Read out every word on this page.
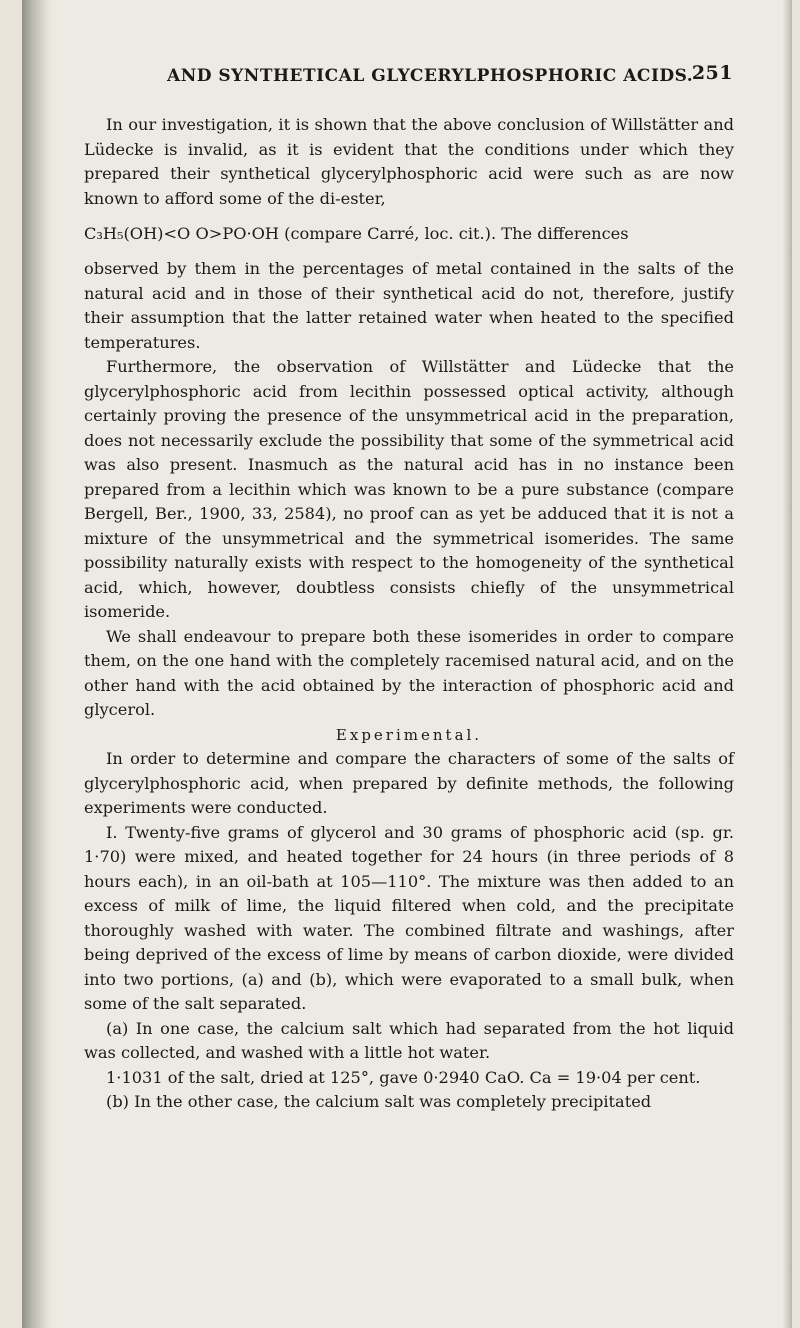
AND SYNTHETICAL GLYCERYLPHOSPHORIC ACIDS.
251

In our investigation, it is shown that the above conclusion of Willstätter and Lüdecke is invalid, as it is evident that the conditions under which they prepared their synthetical glycerylphosphoric acid were such as are now known to afford some of the di-ester,

C₃H₅(OH)<O O>PO·OH (compare Carré, loc. cit.). The differences

observed by them in the percentages of metal contained in the salts of the natural acid and in those of their synthetical acid do not, therefore, justify their assumption that the latter retained water when heated to the specified temperatures.

Furthermore, the observation of Willstätter and Lüdecke that the glycerylphosphoric acid from lecithin possessed optical activity, although certainly proving the presence of the unsymmetrical acid in the preparation, does not necessarily exclude the possibility that some of the symmetrical acid was also present. Inasmuch as the natural acid has in no instance been prepared from a lecithin which was known to be a pure substance (compare Bergell, Ber., 1900, 33, 2584), no proof can as yet be adduced that it is not a mixture of the unsymmetrical and the symmetrical isomerides. The same possibility naturally exists with respect to the homogeneity of the synthetical acid, which, however, doubtless consists chiefly of the unsymmetrical isomeride.

We shall endeavour to prepare both these isomerides in order to compare them, on the one hand with the completely racemised natural acid, and on the other hand with the acid obtained by the interaction of phosphoric acid and glycerol.

Experimental.

In order to determine and compare the characters of some of the salts of glycerylphosphoric acid, when prepared by definite methods, the following experiments were conducted.

I. Twenty-five grams of glycerol and 30 grams of phosphoric acid (sp. gr. 1·70) were mixed, and heated together for 24 hours (in three periods of 8 hours each), in an oil-bath at 105—110°. The mixture was then added to an excess of milk of lime, the liquid filtered when cold, and the precipitate thoroughly washed with water. The combined filtrate and washings, after being deprived of the excess of lime by means of carbon dioxide, were divided into two portions, (a) and (b), which were evaporated to a small bulk, when some of the salt separated.

(a) In one case, the calcium salt which had separated from the hot liquid was collected, and washed with a little hot water.

1·1031 of the salt, dried at 125°, gave 0·2940 CaO. Ca = 19·04 per cent.

(b) In the other case, the calcium salt was completely precipitated
